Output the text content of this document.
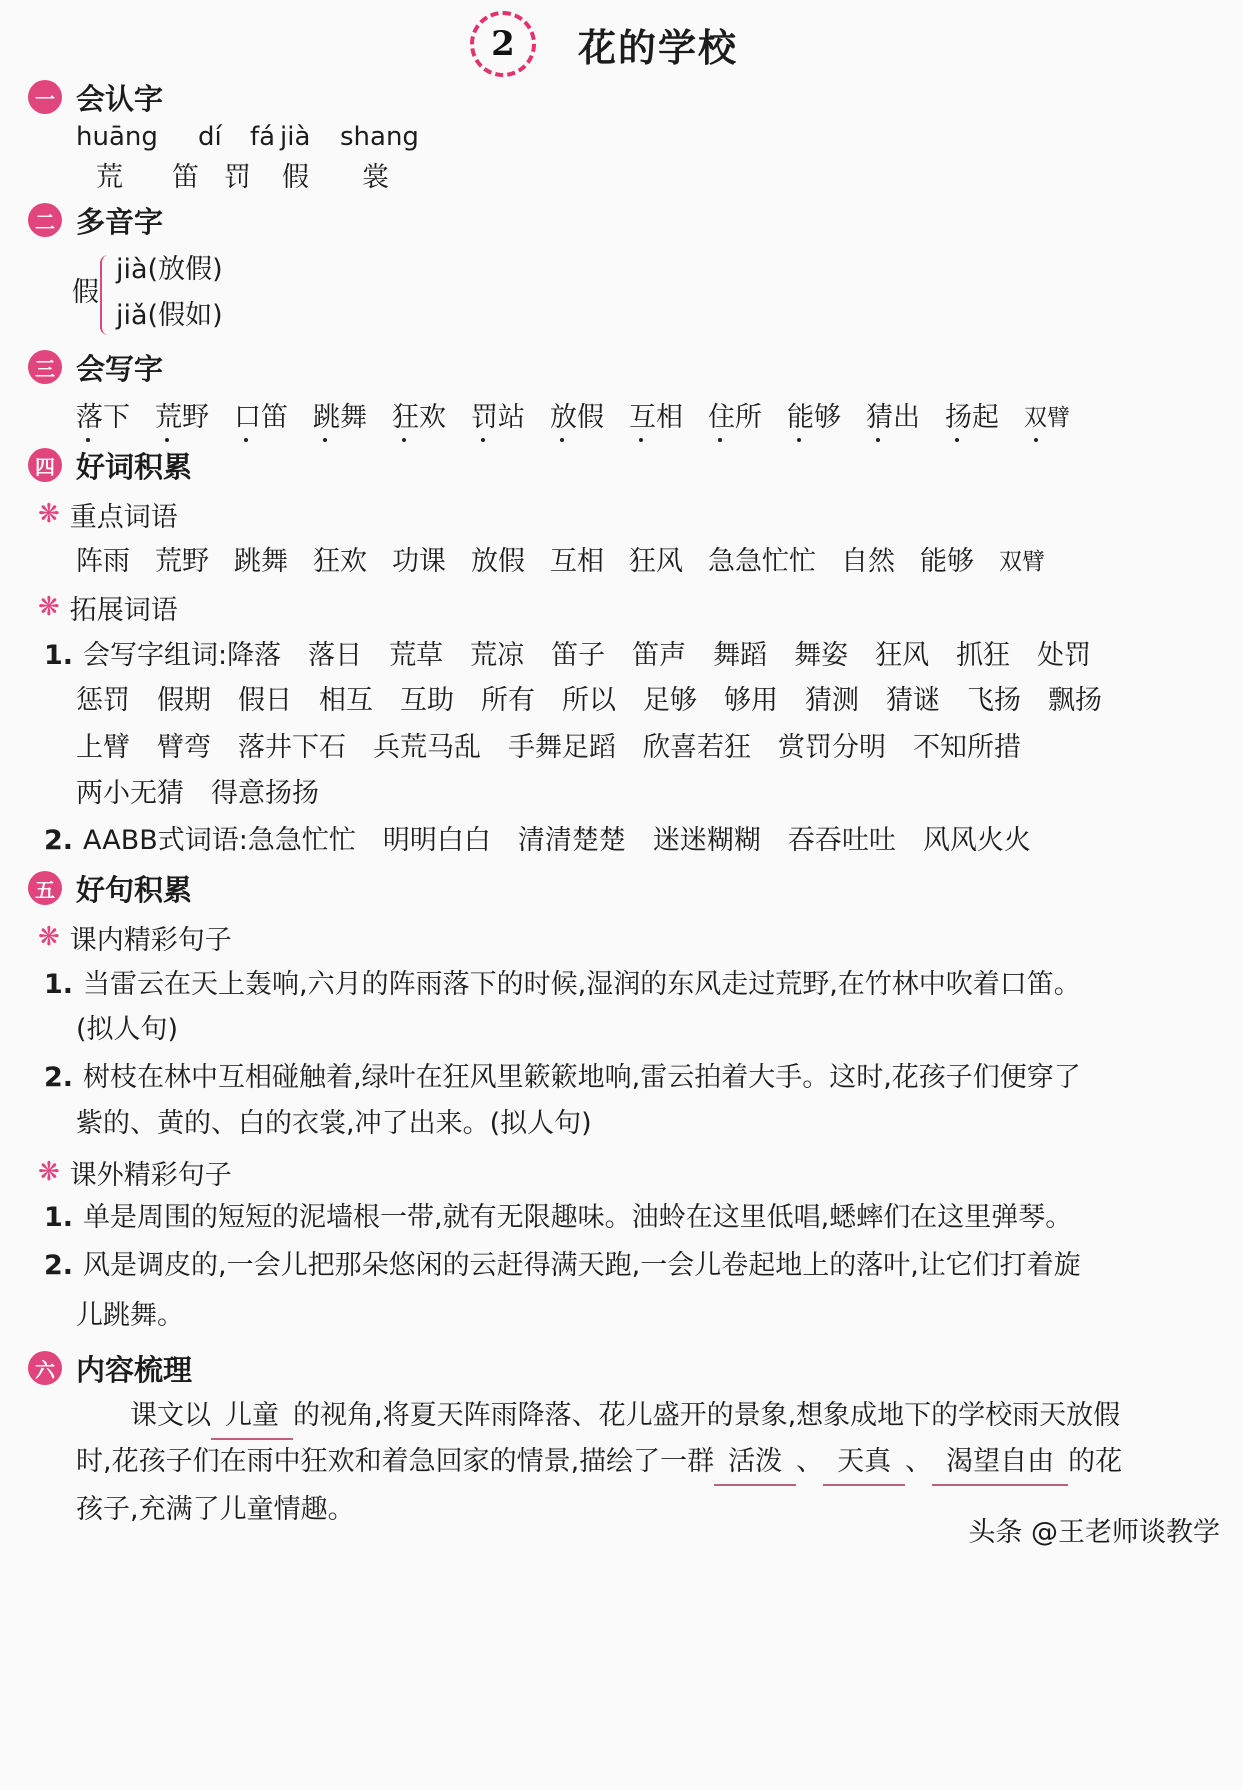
2	花的学校
一 会认字
huāng dí fá jià shang
荒 笛 罚 假 裳
二 多音字
假
jià(放假)
jiǎ(假如)
三 会写字
落下 荒野 口笛 跳舞 狂欢 罚站 放假 互相 住所 能够 猜出 扬起 双臂
四 好词积累
❋ 重点词语
阵雨 荒野 跳舞 狂欢 功课 放假 互相 狂风 急急忙忙 自然 能够 双臂
❋ 拓展词语
1. 会写字组词:降落　落日　荒草　荒凉　笛子　笛声　舞蹈　舞姿　狂风　抓狂　处罚
惩罚　假期　假日　相互　互助　所有　所以　足够　够用　猜测　猜谜　飞扬　飘扬
上臂　臂弯　落井下石　兵荒马乱　手舞足蹈　欣喜若狂　赏罚分明　不知所措
两小无猜　得意扬扬
2. AABB式词语:急急忙忙　明明白白　清清楚楚　迷迷糊糊　吞吞吐吐　风风火火
五 好句积累
❋ 课内精彩句子
1. 当雷云在天上轰响,六月的阵雨落下的时候,湿润的东风走过荒野,在竹林中吹着口笛。
(拟人句)
2. 树枝在林中互相碰触着,绿叶在狂风里簌簌地响,雷云拍着大手。这时,花孩子们便穿了
紫的、黄的、白的衣裳,冲了出来。(拟人句)
❋ 课外精彩句子
1. 单是周围的短短的泥墙根一带,就有无限趣味。油蛉在这里低唱,蟋蟀们在这里弹琴。
2. 风是调皮的,一会儿把那朵悠闲的云赶得满天跑,一会儿卷起地上的落叶,让它们打着旋
儿跳舞。
六 内容梳理
课文以 儿童 的视角,将夏天阵雨降落、花儿盛开的景象,想象成地下的学校雨天放假
时,花孩子们在雨中狂欢和着急回家的情景,描绘了一群 活泼 、 天真 、 渴望自由 的花
孩子,充满了儿童情趣。
头条 @王老师谈教学
